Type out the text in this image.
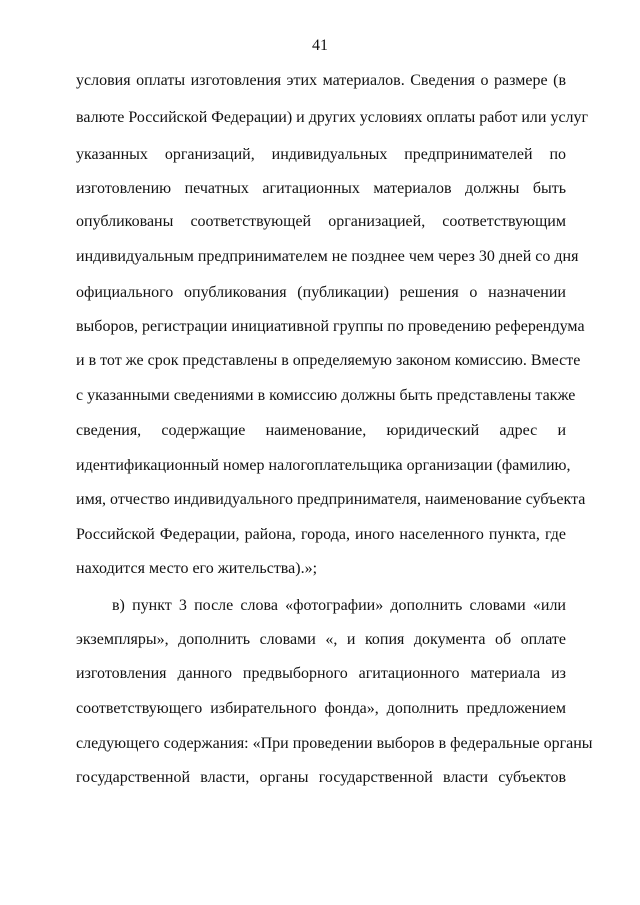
41
условия оплаты изготовления этих материалов. Сведения о размере (в
валюте Российской Федерации) и других условиях оплаты работ или услуг
указанных организаций, индивидуальных предпринимателей по
изготовлению печатных агитационных материалов должны быть
опубликованы соответствующей организацией, соответствующим
индивидуальным предпринимателем не позднее чем через 30 дней со дня
официального опубликования (публикации) решения о назначении
выборов, регистрации инициативной группы по проведению референдума
и в тот же срок представлены в определяемую законом комиссию. Вместе
с указанными сведениями в комиссию должны быть представлены также
сведения, содержащие наименование, юридический адрес и
идентификационный номер налогоплательщика организации (фамилию,
имя, отчество индивидуального предпринимателя, наименование субъекта
Российской Федерации, района, города, иного населенного пункта, где
находится место его жительства).»;
в) пункт 3 после слова «фотографии» дополнить словами «или
экземпляры», дополнить словами «, и копия документа об оплате
изготовления данного предвыборного агитационного материала из
соответствующего избирательного фонда», дополнить предложением
следующего содержания: «При проведении выборов в федеральные органы
государственной власти, органы государственной власти субъектов
